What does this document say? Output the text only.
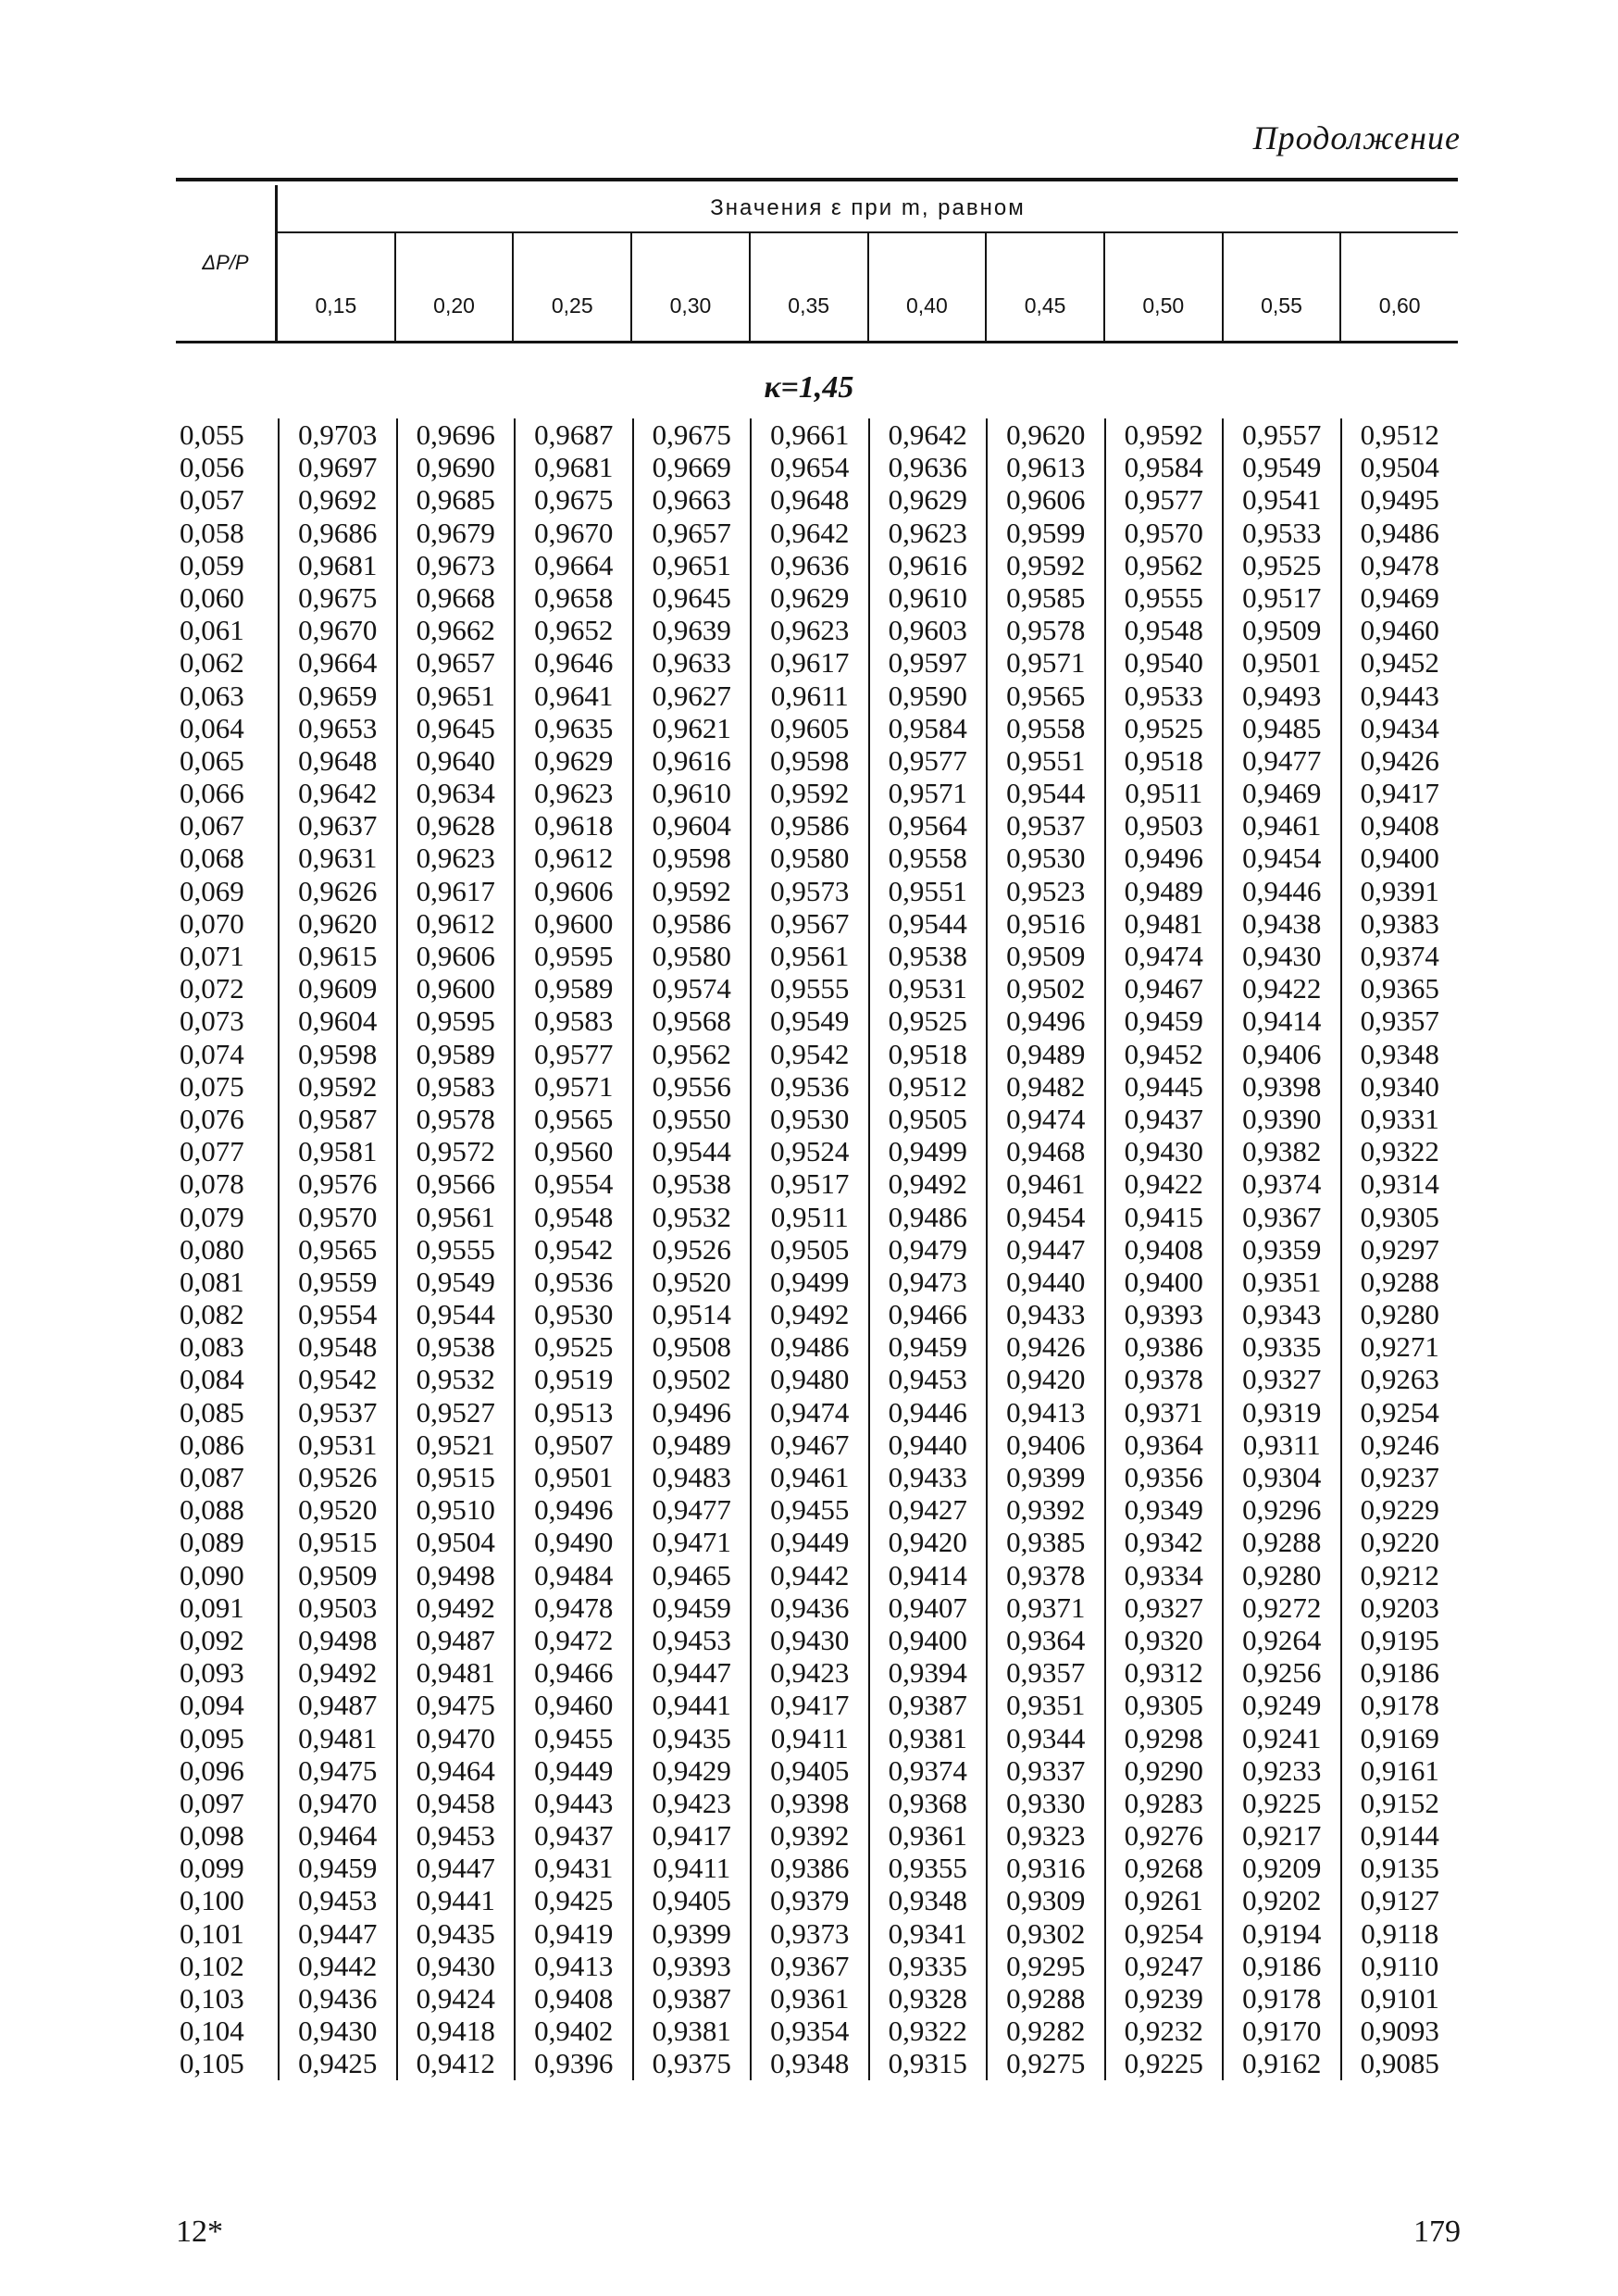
Продолжение
ΔP/P
Значения ε при m, равном
0,15	0,20	0,25	0,30	0,35	0,40	0,45	0,50	0,55	0,60
κ=1,45
0,055	0,9703	0,9696	0,9687	0,9675	0,9661	0,9642	0,9620	0,9592	0,9557	0,9512
0,056	0,9697	0,9690	0,9681	0,9669	0,9654	0,9636	0,9613	0,9584	0,9549	0,9504
0,057	0,9692	0,9685	0,9675	0,9663	0,9648	0,9629	0,9606	0,9577	0,9541	0,9495
0,058	0,9686	0,9679	0,9670	0,9657	0,9642	0,9623	0,9599	0,9570	0,9533	0,9486
0,059	0,9681	0,9673	0,9664	0,9651	0,9636	0,9616	0,9592	0,9562	0,9525	0,9478
0,060	0,9675	0,9668	0,9658	0,9645	0,9629	0,9610	0,9585	0,9555	0,9517	0,9469
0,061	0,9670	0,9662	0,9652	0,9639	0,9623	0,9603	0,9578	0,9548	0,9509	0,9460
0,062	0,9664	0,9657	0,9646	0,9633	0,9617	0,9597	0,9571	0,9540	0,9501	0,9452
0,063	0,9659	0,9651	0,9641	0,9627	0,9611	0,9590	0,9565	0,9533	0,9493	0,9443
0,064	0,9653	0,9645	0,9635	0,9621	0,9605	0,9584	0,9558	0,9525	0,9485	0,9434
0,065	0,9648	0,9640	0,9629	0,9616	0,9598	0,9577	0,9551	0,9518	0,9477	0,9426
0,066	0,9642	0,9634	0,9623	0,9610	0,9592	0,9571	0,9544	0,9511	0,9469	0,9417
0,067	0,9637	0,9628	0,9618	0,9604	0,9586	0,9564	0,9537	0,9503	0,9461	0,9408
0,068	0,9631	0,9623	0,9612	0,9598	0,9580	0,9558	0,9530	0,9496	0,9454	0,9400
0,069	0,9626	0,9617	0,9606	0,9592	0,9573	0,9551	0,9523	0,9489	0,9446	0,9391
0,070	0,9620	0,9612	0,9600	0,9586	0,9567	0,9544	0,9516	0,9481	0,9438	0,9383
0,071	0,9615	0,9606	0,9595	0,9580	0,9561	0,9538	0,9509	0,9474	0,9430	0,9374
0,072	0,9609	0,9600	0,9589	0,9574	0,9555	0,9531	0,9502	0,9467	0,9422	0,9365
0,073	0,9604	0,9595	0,9583	0,9568	0,9549	0,9525	0,9496	0,9459	0,9414	0,9357
0,074	0,9598	0,9589	0,9577	0,9562	0,9542	0,9518	0,9489	0,9452	0,9406	0,9348
0,075	0,9592	0,9583	0,9571	0,9556	0,9536	0,9512	0,9482	0,9445	0,9398	0,9340
0,076	0,9587	0,9578	0,9565	0,9550	0,9530	0,9505	0,9474	0,9437	0,9390	0,9331
0,077	0,9581	0,9572	0,9560	0,9544	0,9524	0,9499	0,9468	0,9430	0,9382	0,9322
0,078	0,9576	0,9566	0,9554	0,9538	0,9517	0,9492	0,9461	0,9422	0,9374	0,9314
0,079	0,9570	0,9561	0,9548	0,9532	0,9511	0,9486	0,9454	0,9415	0,9367	0,9305
0,080	0,9565	0,9555	0,9542	0,9526	0,9505	0,9479	0,9447	0,9408	0,9359	0,9297
0,081	0,9559	0,9549	0,9536	0,9520	0,9499	0,9473	0,9440	0,9400	0,9351	0,9288
0,082	0,9554	0,9544	0,9530	0,9514	0,9492	0,9466	0,9433	0,9393	0,9343	0,9280
0,083	0,9548	0,9538	0,9525	0,9508	0,9486	0,9459	0,9426	0,9386	0,9335	0,9271
0,084	0,9542	0,9532	0,9519	0,9502	0,9480	0,9453	0,9420	0,9378	0,9327	0,9263
0,085	0,9537	0,9527	0,9513	0,9496	0,9474	0,9446	0,9413	0,9371	0,9319	0,9254
0,086	0,9531	0,9521	0,9507	0,9489	0,9467	0,9440	0,9406	0,9364	0,9311	0,9246
0,087	0,9526	0,9515	0,9501	0,9483	0,9461	0,9433	0,9399	0,9356	0,9304	0,9237
0,088	0,9520	0,9510	0,9496	0,9477	0,9455	0,9427	0,9392	0,9349	0,9296	0,9229
0,089	0,9515	0,9504	0,9490	0,9471	0,9449	0,9420	0,9385	0,9342	0,9288	0,9220
0,090	0,9509	0,9498	0,9484	0,9465	0,9442	0,9414	0,9378	0,9334	0,9280	0,9212
0,091	0,9503	0,9492	0,9478	0,9459	0,9436	0,9407	0,9371	0,9327	0,9272	0,9203
0,092	0,9498	0,9487	0,9472	0,9453	0,9430	0,9400	0,9364	0,9320	0,9264	0,9195
0,093	0,9492	0,9481	0,9466	0,9447	0,9423	0,9394	0,9357	0,9312	0,9256	0,9186
0,094	0,9487	0,9475	0,9460	0,9441	0,9417	0,9387	0,9351	0,9305	0,9249	0,9178
0,095	0,9481	0,9470	0,9455	0,9435	0,9411	0,9381	0,9344	0,9298	0,9241	0,9169
0,096	0,9475	0,9464	0,9449	0,9429	0,9405	0,9374	0,9337	0,9290	0,9233	0,9161
0,097	0,9470	0,9458	0,9443	0,9423	0,9398	0,9368	0,9330	0,9283	0,9225	0,9152
0,098	0,9464	0,9453	0,9437	0,9417	0,9392	0,9361	0,9323	0,9276	0,9217	0,9144
0,099	0,9459	0,9447	0,9431	0,9411	0,9386	0,9355	0,9316	0,9268	0,9209	0,9135
0,100	0,9453	0,9441	0,9425	0,9405	0,9379	0,9348	0,9309	0,9261	0,9202	0,9127
0,101	0,9447	0,9435	0,9419	0,9399	0,9373	0,9341	0,9302	0,9254	0,9194	0,9118
0,102	0,9442	0,9430	0,9413	0,9393	0,9367	0,9335	0,9295	0,9247	0,9186	0,9110
0,103	0,9436	0,9424	0,9408	0,9387	0,9361	0,9328	0,9288	0,9239	0,9178	0,9101
0,104	0,9430	0,9418	0,9402	0,9381	0,9354	0,9322	0,9282	0,9232	0,9170	0,9093
0,105	0,9425	0,9412	0,9396	0,9375	0,9348	0,9315	0,9275	0,9225	0,9162	0,9085
12*	179
